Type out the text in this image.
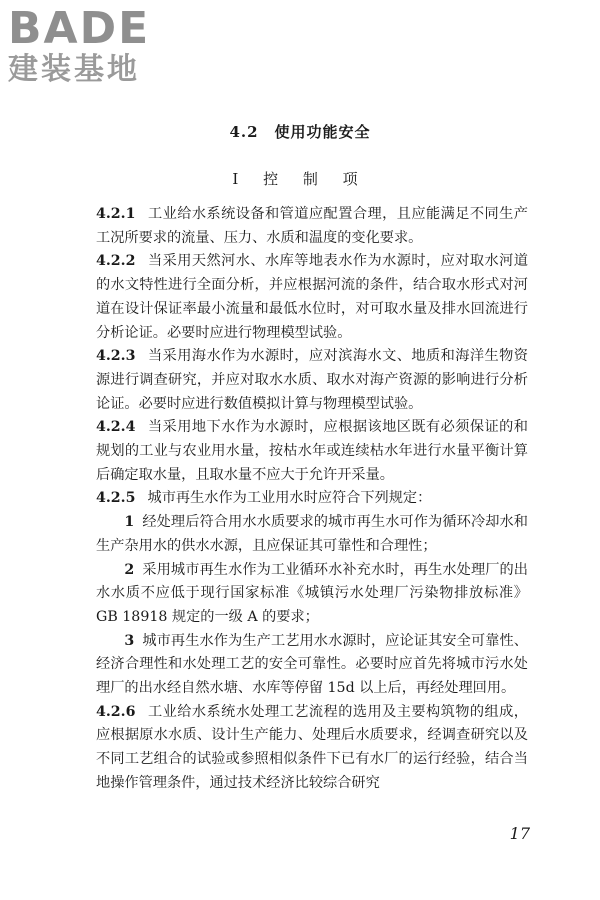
BADE
建装基地
4.2　使用功能安全
Ⅰ 控 制 项

4.2.1 工业给水系统设备和管道应配置合理，且应能满足不同生产工况所要求的流量、压力、水质和温度的变化要求。

4.2.2 当采用天然河水、水库等地表水作为水源时，应对取水河道的水文特性进行全面分析，并应根据河流的条件，结合取水形式对河道在设计保证率最小流量和最低水位时，对可取水量及排水回流进行分析论证。必要时应进行物理模型试验。

4.2.3 当采用海水作为水源时，应对滨海水文、地质和海洋生物资源进行调查研究，并应对取水水质、取水对海产资源的影响进行分析论证。必要时应进行数值模拟计算与物理模型试验。

4.2.4 当采用地下水作为水源时，应根据该地区既有必须保证的和规划的工业与农业用水量，按枯水年或连续枯水年进行水量平衡计算后确定取水量，且取水量不应大于允许开采量。

4.2.5 城市再生水作为工业用水时应符合下列规定：

1 经处理后符合用水水质要求的城市再生水可作为循环冷却水和生产杂用水的供水水源，且应保证其可靠性和合理性；

2 采用城市再生水作为工业循环水补充水时，再生水处理厂的出水水质不应低于现行国家标准《城镇污水处理厂污染物排放标准》GB 18918 规定的一级 A 的要求；

3 城市再生水作为生产工艺用水水源时，应论证其安全可靠性、经济合理性和水处理工艺的安全可靠性。必要时应首先将城市污水处理厂的出水经自然水塘、水库等停留 15d 以上后，再经处理回用。

4.2.6 工业给水系统水处理工艺流程的选用及主要构筑物的组成，应根据原水水质、设计生产能力、处理后水质要求，经调查研究以及不同工艺组合的试验或参照相似条件下已有水厂的运行经验，结合当地操作管理条件，通过技术经济比较综合研究

17
